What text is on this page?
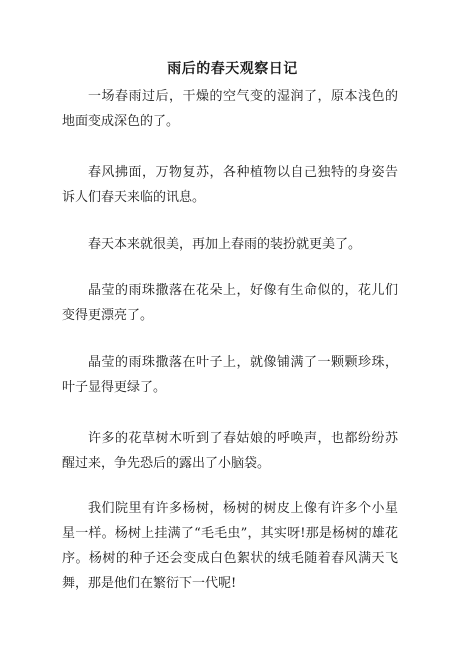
雨后的春天观察日记

一场春雨过后，干燥的空气变的湿润了，原本浅色的地面变成深色的了。

春风拂面，万物复苏，各种植物以自己独特的身姿告诉人们春天来临的讯息。

春天本来就很美，再加上春雨的装扮就更美了。

晶莹的雨珠撒落在花朵上，好像有生命似的，花儿们变得更漂亮了。

晶莹的雨珠撒落在叶子上，就像铺满了一颗颗珍珠，叶子显得更绿了。

许多的花草树木听到了春姑娘的呼唤声，也都纷纷苏醒过来，争先恐后的露出了小脑袋。

我们院里有许多杨树，杨树的树皮上像有许多个小星星一样。杨树上挂满了“毛毛虫”，其实呀!那是杨树的雄花序。杨树的种子还会变成白色絮状的绒毛随着春风满天飞舞，那是他们在繁衍下一代呢!
